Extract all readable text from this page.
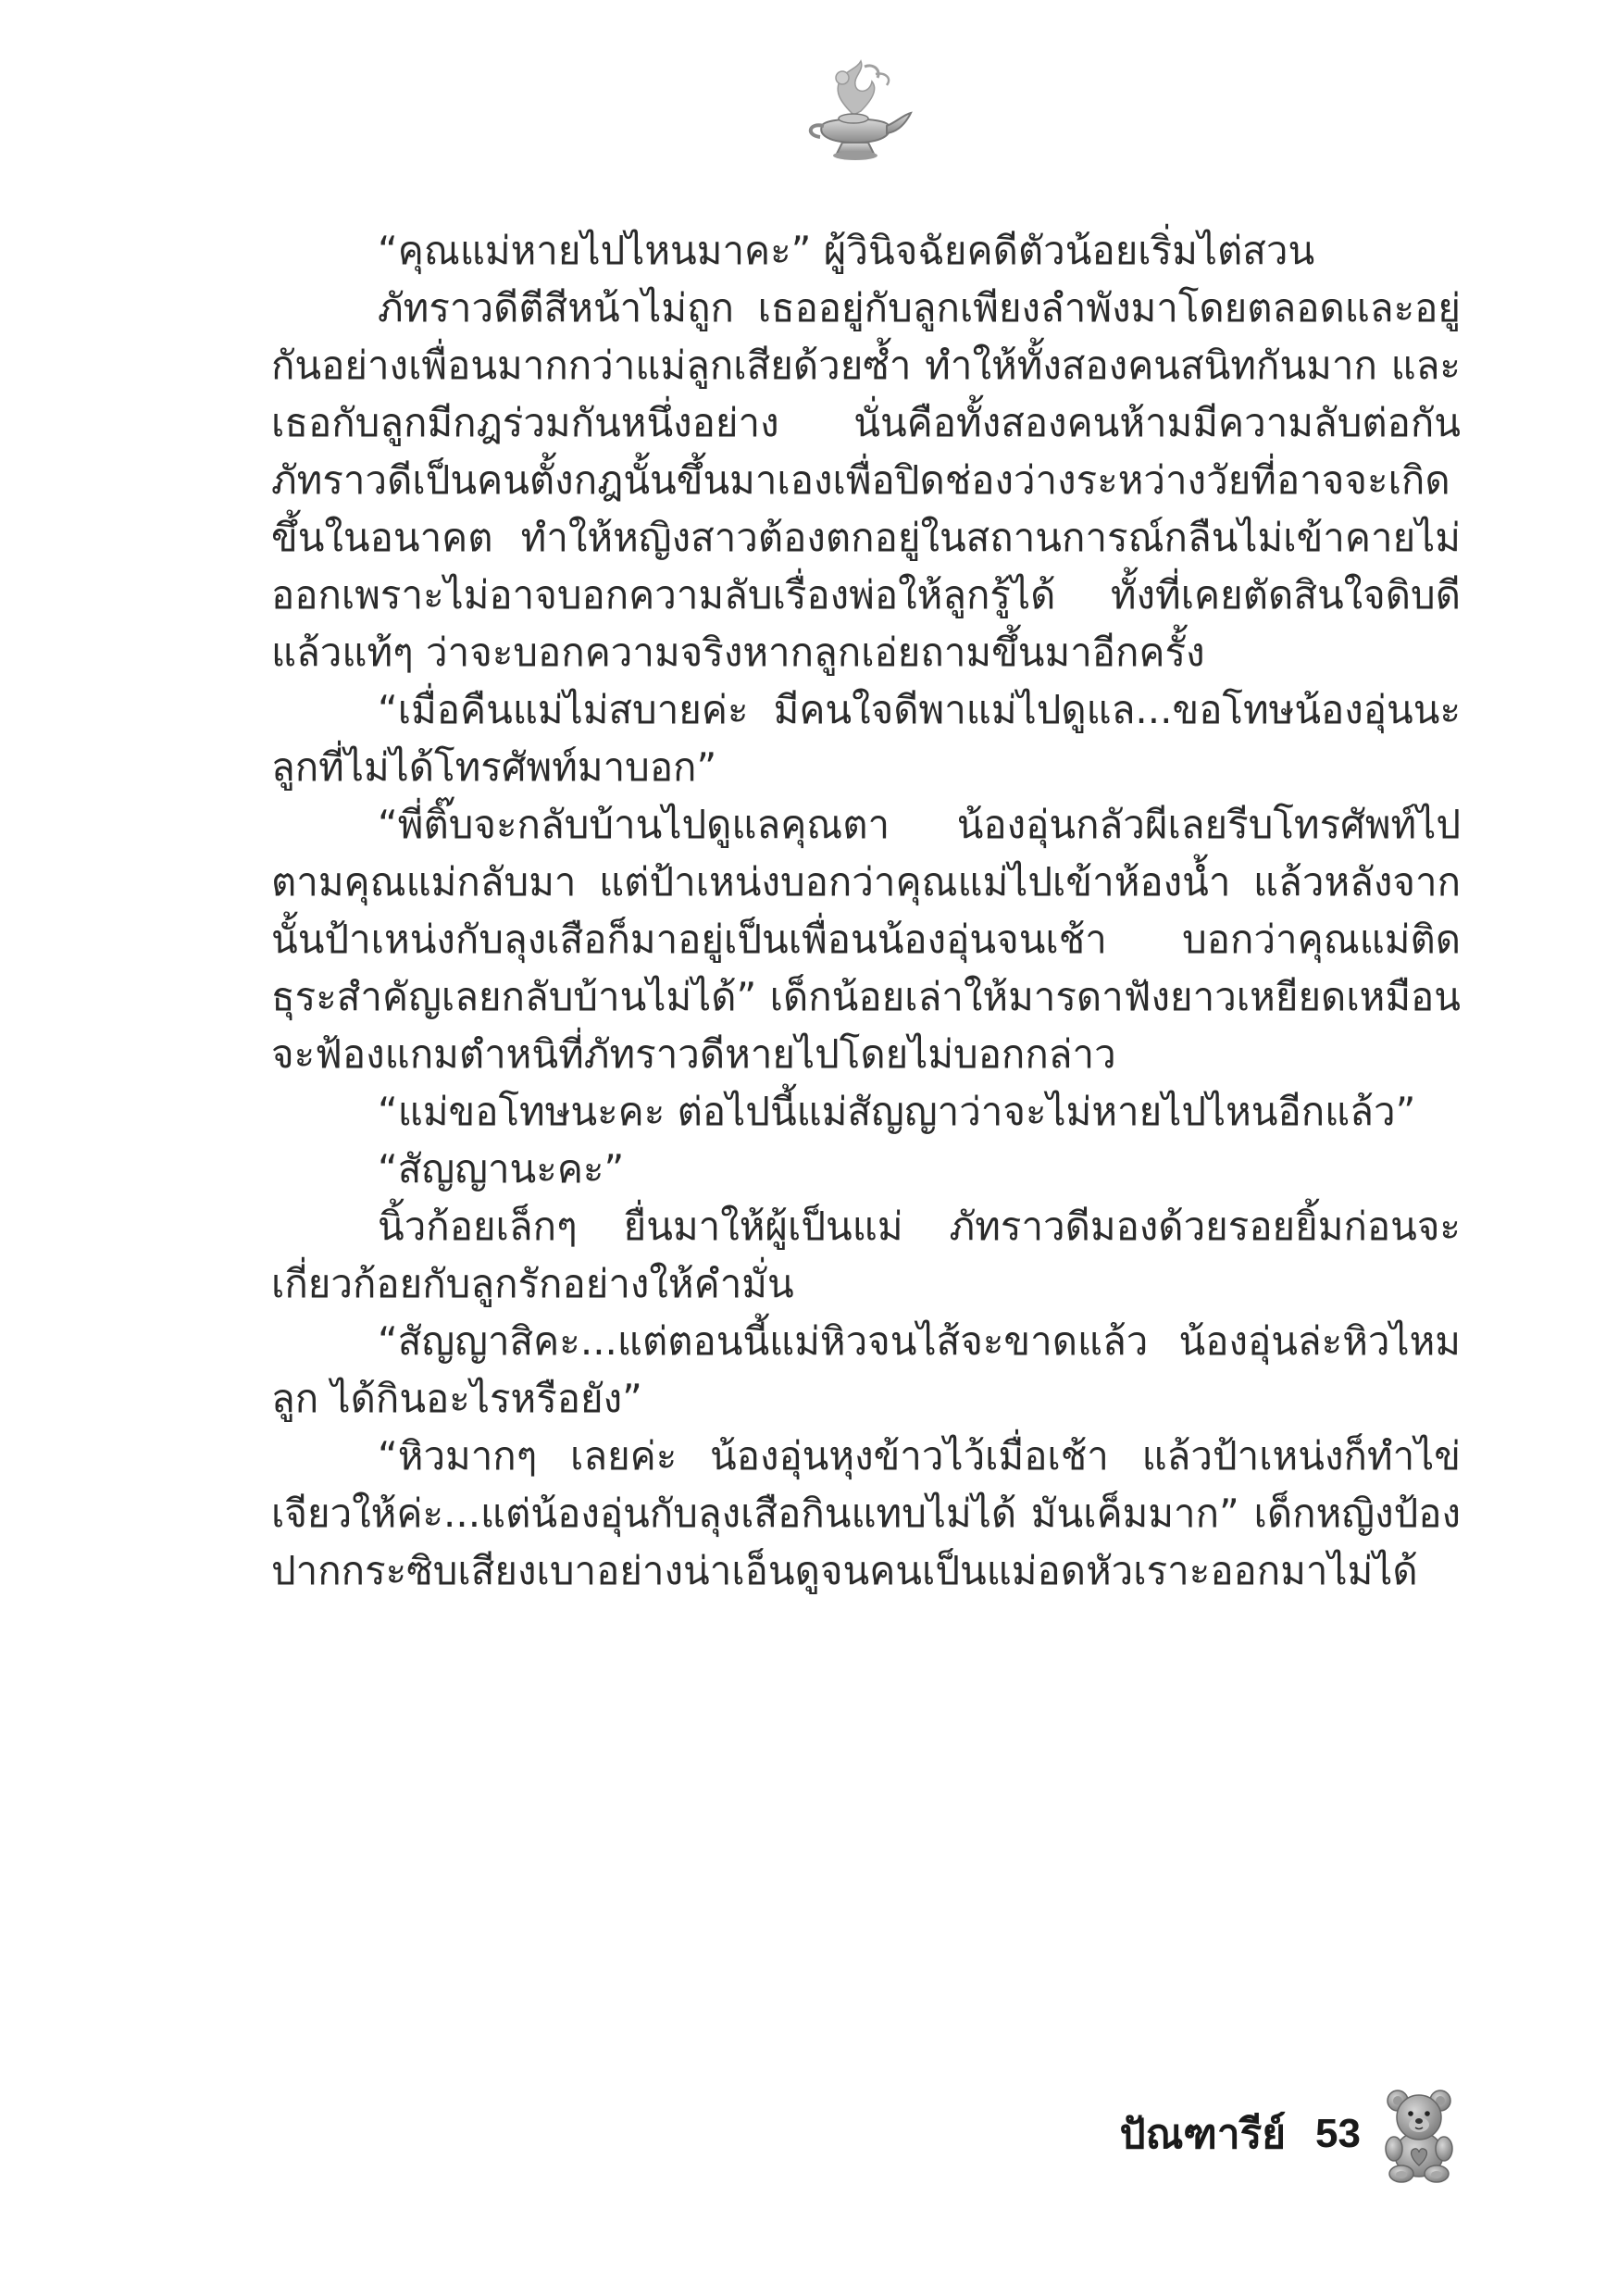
“คุณแม่หายไปไหนมาคะ” ผู้วินิจฉัยคดีตัวน้อยเริ่มไต่สวน

ภัทราวดีตีสีหน้าไม่ถูก เธออยู่กับลูกเพียงลำพังมาโดยตลอดและอยู่กันอย่างเพื่อนมากกว่าแม่ลูกเสียด้วยซ้ำ ทำให้ทั้งสองคนสนิทกันมาก และเธอกับลูกมีกฎร่วมกันหนึ่งอย่าง นั่นคือทั้งสองคนห้ามมีความลับต่อกัน ภัทราวดีเป็นคนตั้งกฎนั้นขึ้นมาเองเพื่อปิดช่องว่างระหว่างวัยที่อาจจะเกิดขึ้นในอนาคต ทำให้หญิงสาวต้องตกอยู่ในสถานการณ์กลืนไม่เข้าคายไม่ออกเพราะไม่อาจบอกความลับเรื่องพ่อให้ลูกรู้ได้ ทั้งที่เคยตัดสินใจดิบดีแล้วแท้ๆ ว่าจะบอกความจริงหากลูกเอ่ยถามขึ้นมาอีกครั้ง

“เมื่อคืนแม่ไม่สบายค่ะ มีคนใจดีพาแม่ไปดูแล...ขอโทษน้องอุ่นนะลูกที่ไม่ได้โทรศัพท์มาบอก”

“พี่ติ๊บจะกลับบ้านไปดูแลคุณตา น้องอุ่นกลัวผีเลยรีบโทรศัพท์ไปตามคุณแม่กลับมา แต่ป้าเหน่งบอกว่าคุณแม่ไปเข้าห้องน้ำ แล้วหลังจากนั้นป้าเหน่งกับลุงเสือก็มาอยู่เป็นเพื่อนน้องอุ่นจนเช้า บอกว่าคุณแม่ติดธุระสำคัญเลยกลับบ้านไม่ได้” เด็กน้อยเล่าให้มารดาฟังยาวเหยียดเหมือนจะฟ้องแกมตำหนิที่ภัทราวดีหายไปโดยไม่บอกกล่าว

“แม่ขอโทษนะคะ ต่อไปนี้แม่สัญญาว่าจะไม่หายไปไหนอีกแล้ว”

“สัญญานะคะ”

นิ้วก้อยเล็กๆ ยื่นมาให้ผู้เป็นแม่ ภัทราวดีมองด้วยรอยยิ้มก่อนจะเกี่ยวก้อยกับลูกรักอย่างให้คำมั่น

“สัญญาสิคะ...แต่ตอนนี้แม่หิวจนไส้จะขาดแล้ว น้องอุ่นล่ะหิวไหมลูก ได้กินอะไรหรือยัง”

“หิวมากๆ เลยค่ะ น้องอุ่นหุงข้าวไว้เมื่อเช้า แล้วป้าเหน่งก็ทำไข่เจียวให้ค่ะ...แต่น้องอุ่นกับลุงเสือกินแทบไม่ได้ มันเค็มมาก” เด็กหญิงป้องปากกระซิบเสียงเบาอย่างน่าเอ็นดูจนคนเป็นแม่อดหัวเราะออกมาไม่ได้

ปัณฑารีย์ 53
